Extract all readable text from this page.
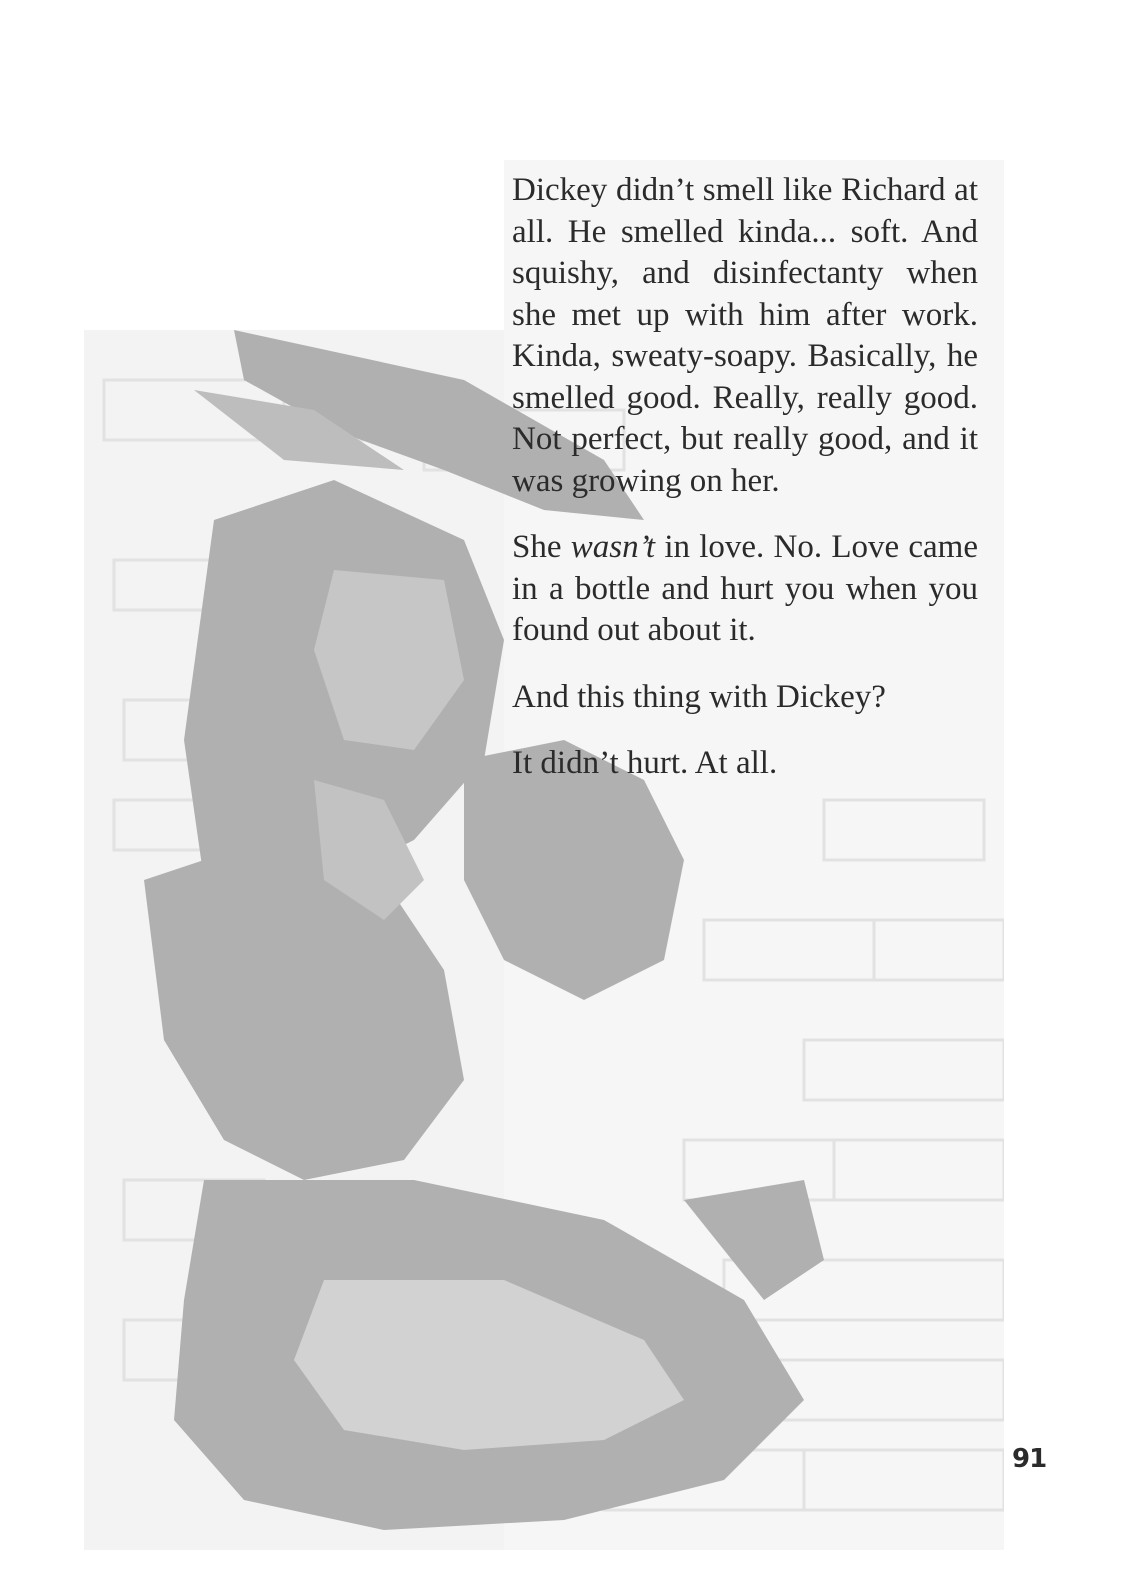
Dickey didn’t smell like Richard at all. He smelled kinda... soft. And squishy, and disinfectanty when she met up with him after work. Kinda, sweaty-soapy. Basically, he smelled good. Really, really good. Not perfect, but really good, and it was growing on her.

She wasn’t in love. No. Love came in a bottle and hurt you when you found out about it.

And this thing with Dickey?

It didn’t hurt. At all.

91
